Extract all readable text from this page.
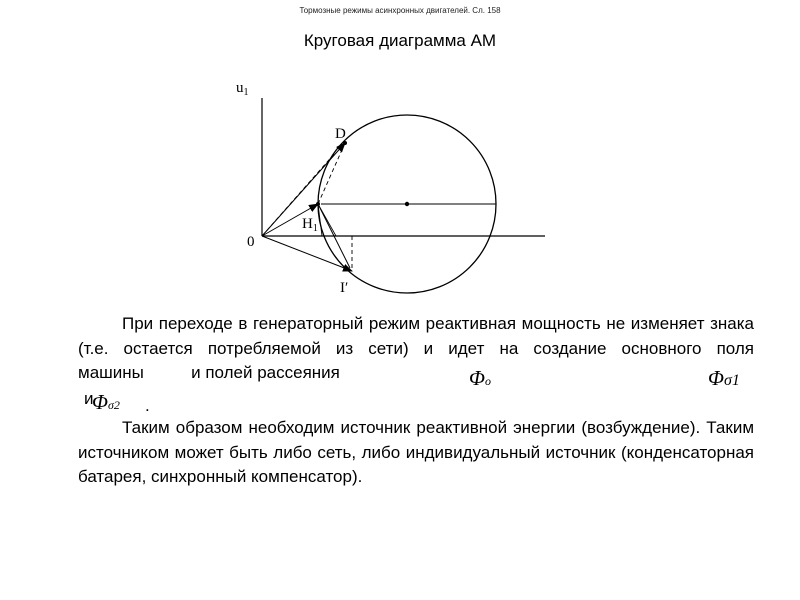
Тормозные режимы асинхронных двигателей. Сл. 158
Круговая диаграмма АМ
$u_1$
D
$H_1$
0
I′
При переходе в генераторный режим реактивная мощность не изменяет знака (т.е. остается потребляемой из сети) и идет на создание основного поля машины	и полей рассеяния	Φo	Φσ1
и
Φσ2 .
Таким образом необходим источник реактивной энергии (возбуждение). Таким источником может быть либо сеть, либо индивидуальный источник (конденсаторная батарея, синхронный компенсатор).
